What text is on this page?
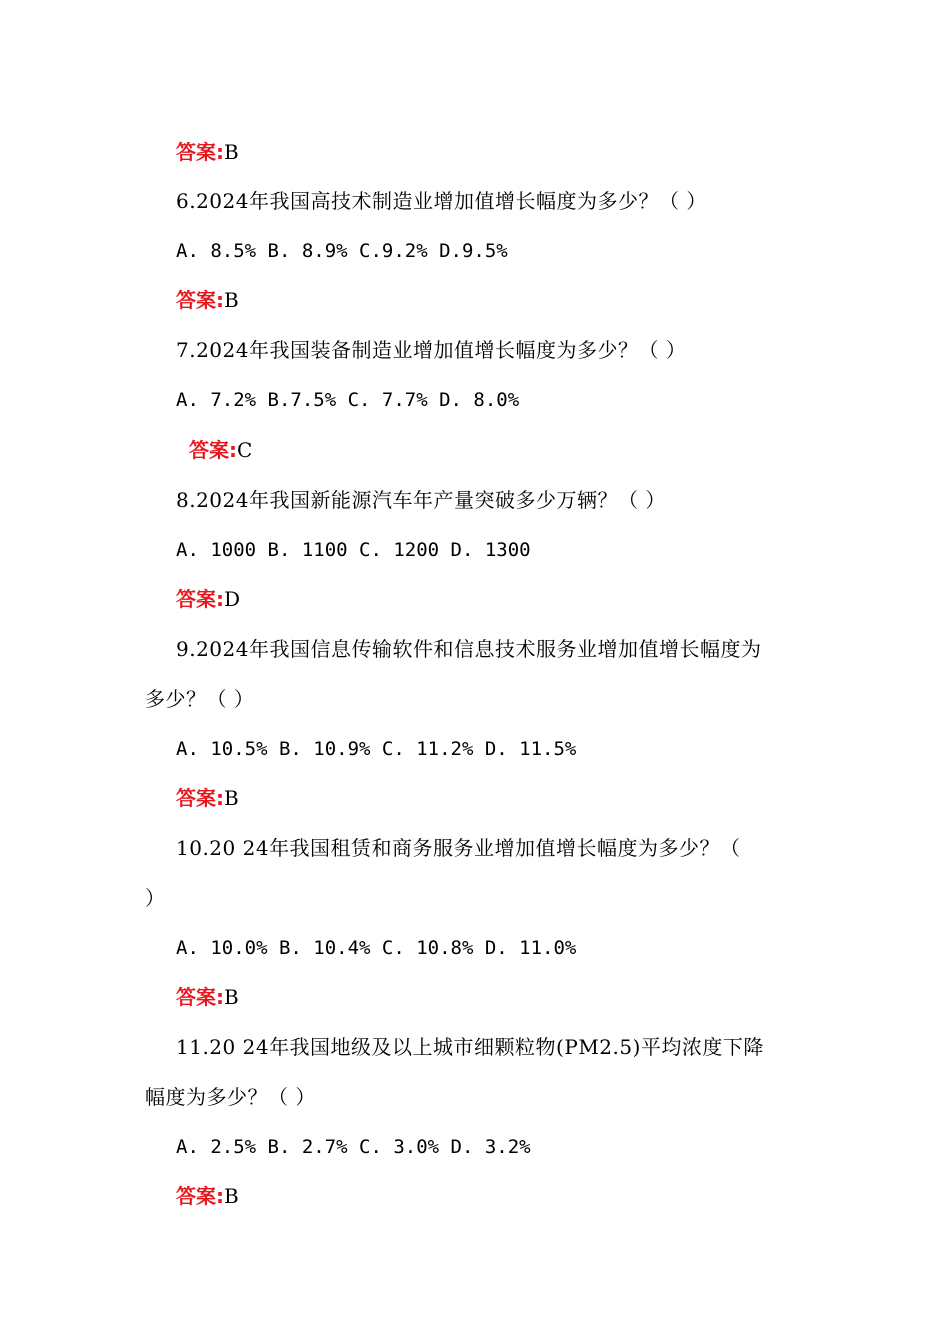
答案:B
6.2024年我国高技术制造业增加值增长幅度为多少？（ ）
A. 8.5% B. 8.9% C.9.2% D.9.5%
答案:B
7.2024年我国装备制造业增加值增长幅度为多少？（ ）
A. 7.2% B.7.5% C. 7.7% D. 8.0%
答案:C
8.2024年我国新能源汽车年产量突破多少万辆？（ ）
A. 1000 B. 1100 C. 1200 D. 1300
答案:D
9.2024年我国信息传输软件和信息技术服务业增加值增长幅度为
多少？（ ）
A. 10.5% B. 10.9% C. 11.2% D. 11.5%
答案:B
10.20 24年我国租赁和商务服务业增加值增长幅度为多少？（
）
A. 10.0% B. 10.4% C. 10.8% D. 11.0%
答案:B
11.20 24年我国地级及以上城市细颗粒物(PM2.5)平均浓度下降
幅度为多少？（ ）
A. 2.5% B. 2.7% C. 3.0% D. 3.2%
答案:B
